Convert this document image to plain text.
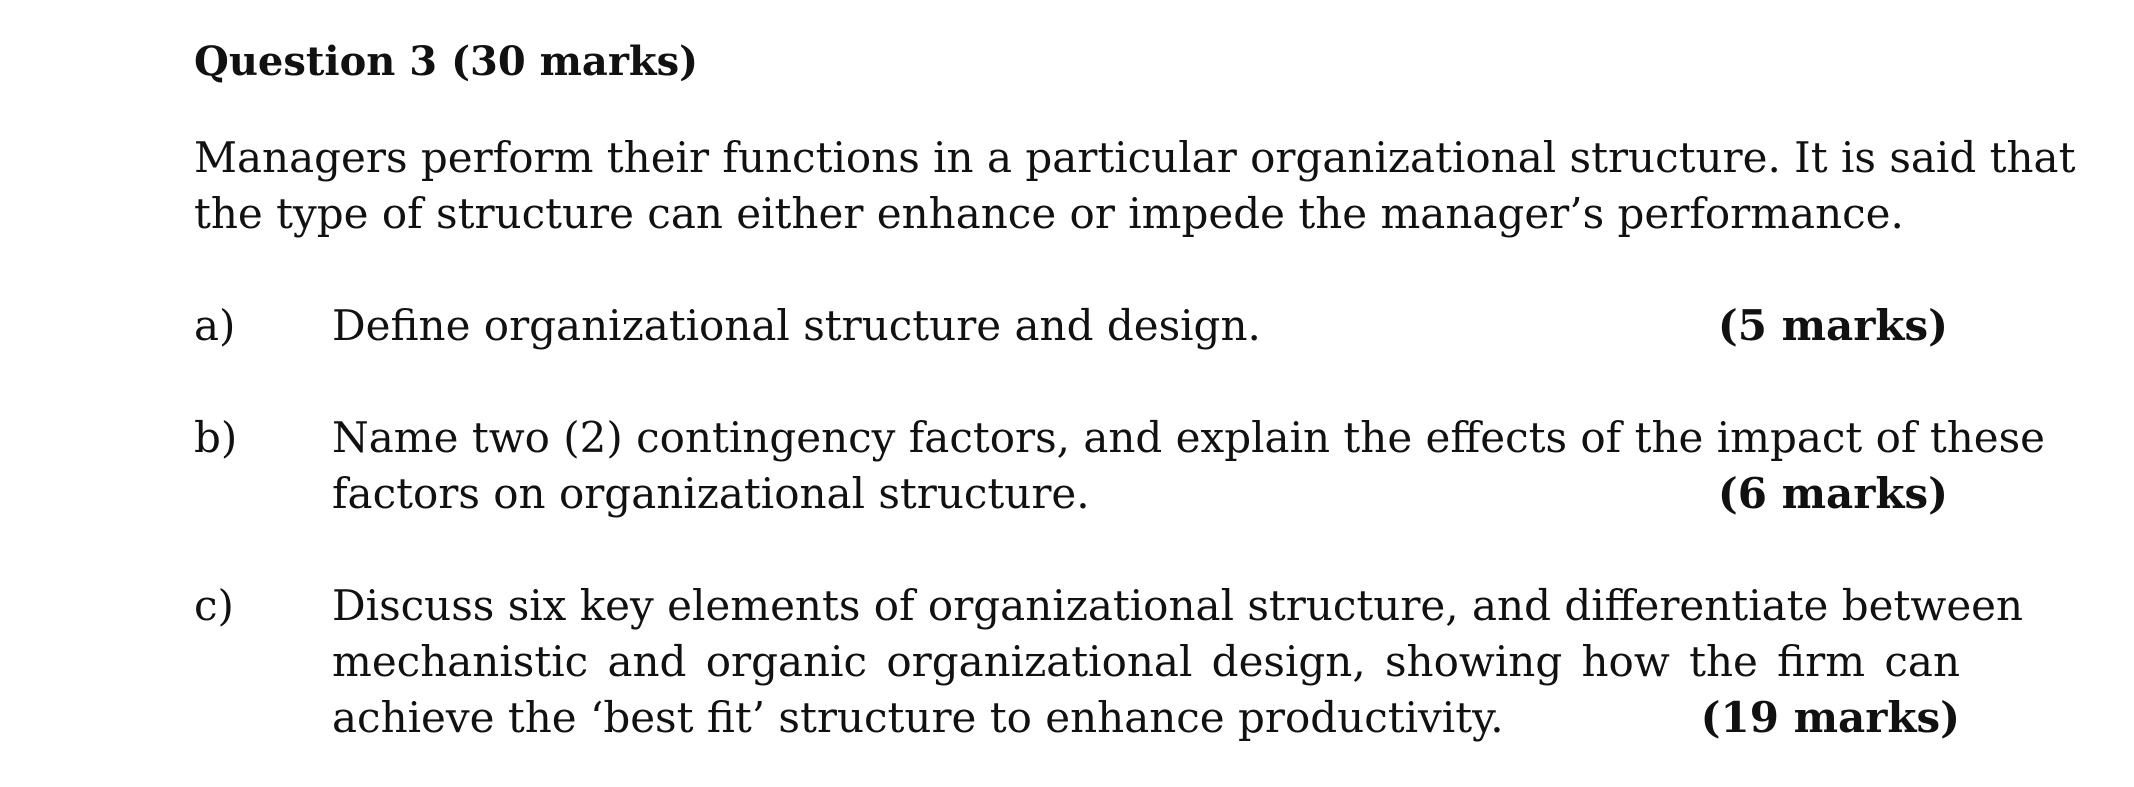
Question 3 (30 marks)
Managers perform their functions in a particular organizational structure. It is said that
the type of structure can either enhance or impede the manager’s performance.
a) Define organizational structure and design.	(5 marks)
b) Name two (2) contingency factors, and explain the effects of the impact of these
factors on organizational structure.	(6 marks)
c) Discuss six key elements of organizational structure, and differentiate between
mechanistic and organic organizational design, showing how the firm can
achieve the ‘best fit’ structure to enhance productivity.	(19 marks)
